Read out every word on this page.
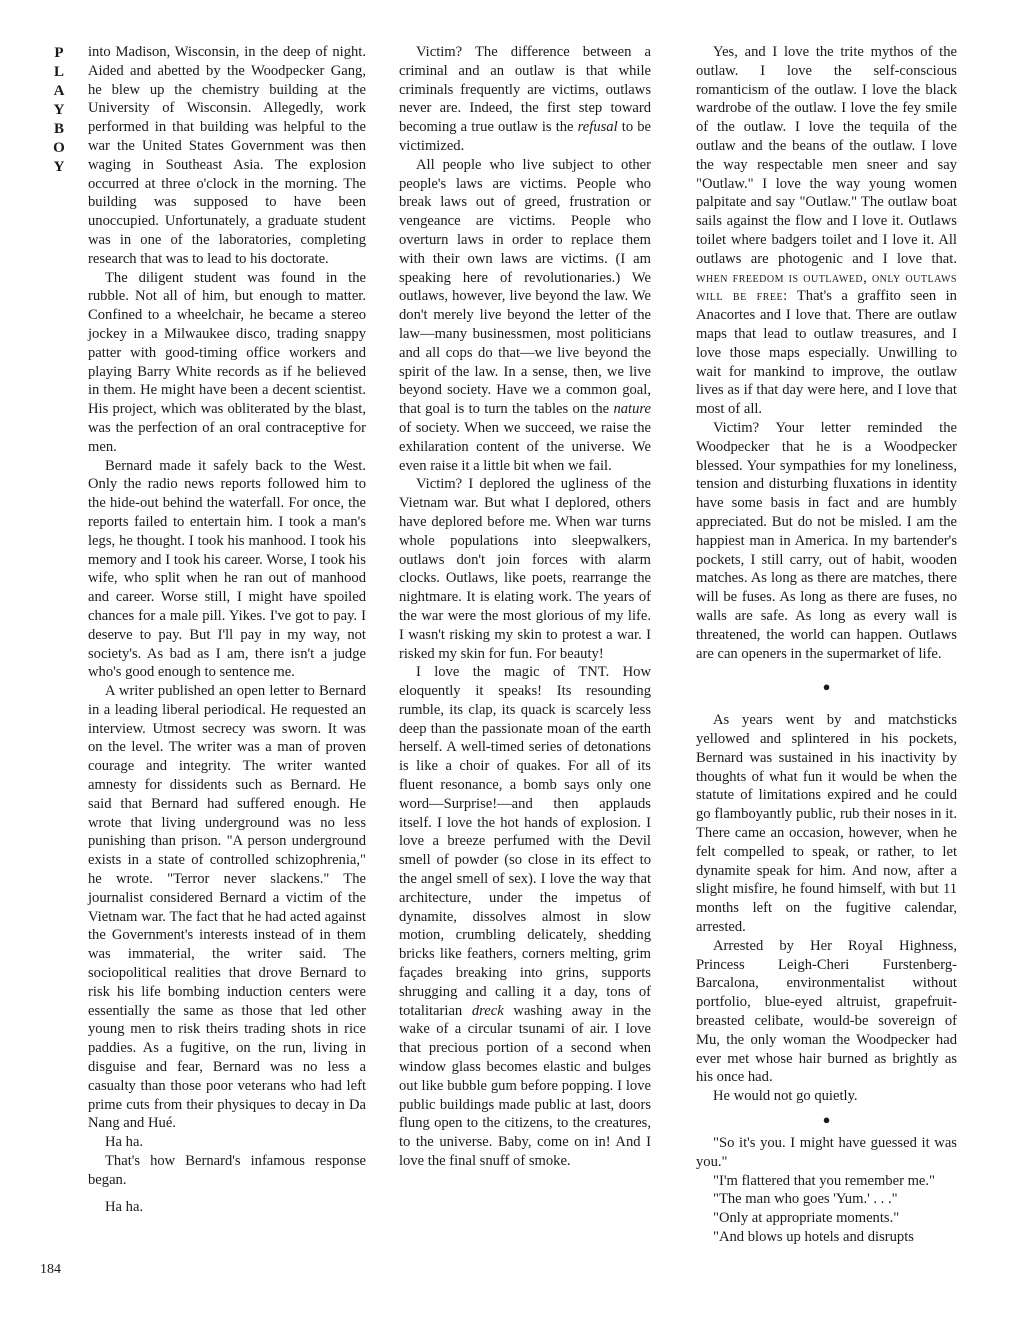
P
L
A
Y
B
O
Y

into Madison, Wisconsin, in the deep of night. Aided and abetted by the Woodpecker Gang, he blew up the chemistry building at the University of Wisconsin. Allegedly, work performed in that building was helpful to the war the United States Government was then waging in Southeast Asia. The explosion occurred at three o'clock in the morning. The building was supposed to have been unoccupied. Unfortunately, a graduate student was in one of the laboratories, completing research that was to lead to his doctorate.

The diligent student was found in the rubble. Not all of him, but enough to matter. Confined to a wheelchair, he became a stereo jockey in a Milwaukee disco, trading snappy patter with good-timing office workers and playing Barry White records as if he believed in them. He might have been a decent scientist. His project, which was obliterated by the blast, was the perfection of an oral contraceptive for men.

Bernard made it safely back to the West. Only the radio news reports followed him to the hide-out behind the waterfall. For once, the reports failed to entertain him. I took a man's legs, he thought. I took his manhood. I took his memory and I took his career. Worse, I took his wife, who split when he ran out of manhood and career. Worse still, I might have spoiled chances for a male pill. Yikes. I've got to pay. I deserve to pay. But I'll pay in my way, not society's. As bad as I am, there isn't a judge who's good enough to sentence me.

A writer published an open letter to Bernard in a leading liberal periodical. He requested an interview. Utmost secrecy was sworn. It was on the level. The writer was a man of proven courage and integrity. The writer wanted amnesty for dissidents such as Bernard. He said that Bernard had suffered enough. He wrote that living underground was no less punishing than prison. "A person underground exists in a state of controlled schizophrenia," he wrote. "Terror never slackens." The journalist considered Bernard a victim of the Vietnam war. The fact that he had acted against the Government's interests instead of in them was immaterial, the writer said. The sociopolitical realities that drove Bernard to risk his life bombing induction centers were essentially the same as those that led other young men to risk theirs trading shots in rice paddies. As a fugitive, on the run, living in disguise and fear, Bernard was no less a casualty than those poor veterans who had left prime cuts from their physiques to decay in Da Nang and Hué.

Ha ha.

That's how Bernard's infamous response began.

Ha ha.

Victim? The difference between a criminal and an outlaw is that while criminals frequently are victims, outlaws never are. Indeed, the first step toward becoming a true outlaw is the refusal to be victimized.

All people who live subject to other people's laws are victims. People who break laws out of greed, frustration or vengeance are victims. People who overturn laws in order to replace them with their own laws are victims. (I am speaking here of revolutionaries.) We outlaws, however, live beyond the law. We don't merely live beyond the letter of the law—many businessmen, most politicians and all cops do that—we live beyond the spirit of the law. In a sense, then, we live beyond society. Have we a common goal, that goal is to turn the tables on the nature of society. When we succeed, we raise the exhilaration content of the universe. We even raise it a little bit when we fail.

Victim? I deplored the ugliness of the Vietnam war. But what I deplored, others have deplored before me. When war turns whole populations into sleepwalkers, outlaws don't join forces with alarm clocks. Outlaws, like poets, rearrange the nightmare. It is elating work. The years of the war were the most glorious of my life. I wasn't risking my skin to protest a war. I risked my skin for fun. For beauty!

I love the magic of TNT. How eloquently it speaks! Its resounding rumble, its clap, its quack is scarcely less deep than the passionate moan of the earth herself. A well-timed series of detonations is like a choir of quakes. For all of its fluent resonance, a bomb says only one word—Surprise!—and then applauds itself. I love the hot hands of explosion. I love a breeze perfumed with the Devil smell of powder (so close in its effect to the angel smell of sex). I love the way that architecture, under the impetus of dynamite, dissolves almost in slow motion, crumbling delicately, shedding bricks like feathers, corners melting, grim façades breaking into grins, supports shrugging and calling it a day, tons of totalitarian dreck washing away in the wake of a circular tsunami of air. I love that precious portion of a second when window glass becomes elastic and bulges out like bubble gum before popping. I love public buildings made public at last, doors flung open to the citizens, to the creatures, to the universe. Baby, come on in! And I love the final snuff of smoke.

Yes, and I love the trite mythos of the outlaw. I love the self-conscious romanticism of the outlaw. I love the black wardrobe of the outlaw. I love the fey smile of the outlaw. I love the tequila of the outlaw and the beans of the outlaw. I love the way respectable men sneer and say "Outlaw." I love the way young women palpitate and say "Outlaw." The outlaw boat sails against the flow and I love it. Outlaws toilet where badgers toilet and I love it. All outlaws are photogenic and I love that. when freedom is outlawed, only outlaws will be free: That's a graffito seen in Anacortes and I love that. There are outlaw maps that lead to outlaw treasures, and I love those maps especially. Unwilling to wait for mankind to improve, the outlaw lives as if that day were here, and I love that most of all.

Victim? Your letter reminded the Woodpecker that he is a Woodpecker blessed. Your sympathies for my loneliness, tension and disturbing fluxations in identity have some basis in fact and are humbly appreciated. But do not be misled. I am the happiest man in America. In my bartender's pockets, I still carry, out of habit, wooden matches. As long as there are matches, there will be fuses. As long as there are fuses, no walls are safe. As long as every wall is threatened, the world can happen. Outlaws are can openers in the supermarket of life.

●

As years went by and matchsticks yellowed and splintered in his pockets, Bernard was sustained in his inactivity by thoughts of what fun it would be when the statute of limitations expired and he could go flamboyantly public, rub their noses in it. There came an occasion, however, when he felt compelled to speak, or rather, to let dynamite speak for him. And now, after a slight misfire, he found himself, with but 11 months left on the fugitive calendar, arrested.

Arrested by Her Royal Highness, Princess Leigh-Cheri Furstenberg-Barcalona, environmentalist without portfolio, blue-eyed altruist, grapefruit-breasted celibate, would-be sovereign of Mu, the only woman the Woodpecker had ever met whose hair burned as brightly as his once had.

He would not go quietly.

●

"So it's you. I might have guessed it was you."

"I'm flattered that you remember me."

"The man who goes 'Yum.' . . ."

"Only at appropriate moments."

"And blows up hotels and disrupts

184
